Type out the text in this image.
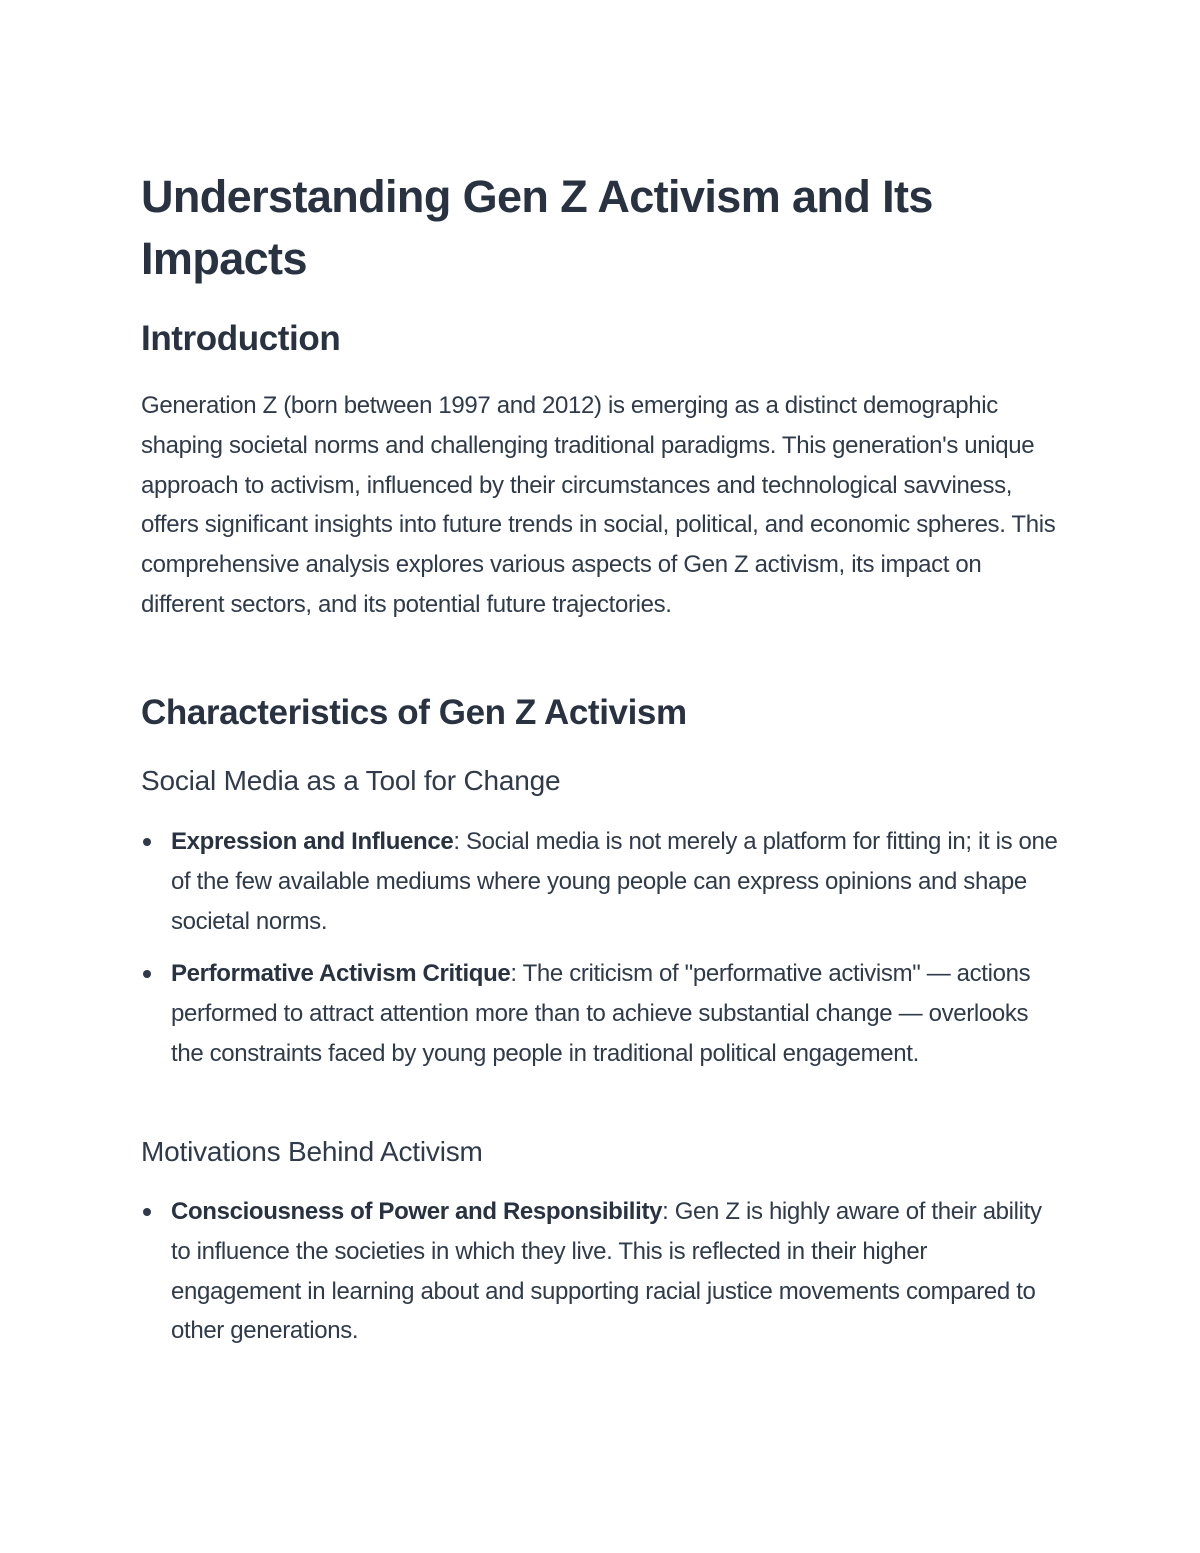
Understanding Gen Z Activism and Its Impacts
Introduction

Generation Z (born between 1997 and 2012) is emerging as a distinct demographic shaping societal norms and challenging traditional paradigms. This generation's unique approach to activism, influenced by their circumstances and technological savviness, offers significant insights into future trends in social, political, and economic spheres. This comprehensive analysis explores various aspects of Gen Z activism, its impact on different sectors, and its potential future trajectories.

Characteristics of Gen Z Activism
Social Media as a Tool for Change
Expression and Influence: Social media is not merely a platform for fitting in; it is one of the few available mediums where young people can express opinions and shape societal norms.
Performative Activism Critique: The criticism of "performative activism" — actions performed to attract attention more than to achieve substantial change — overlooks the constraints faced by young people in traditional political engagement.
Motivations Behind Activism
Consciousness of Power and Responsibility: Gen Z is highly aware of their ability to influence the societies in which they live. This is reflected in their higher engagement in learning about and supporting racial justice movements compared to other generations.
